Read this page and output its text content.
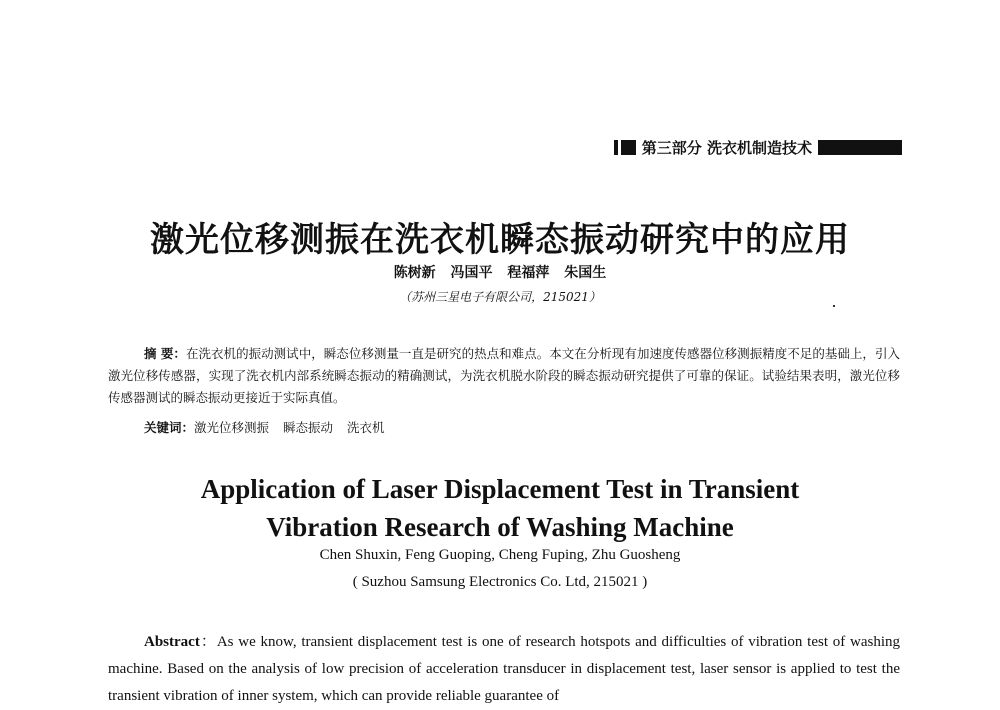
第三部分 洗衣机制造技术
激光位移测振在洗衣机瞬态振动研究中的应用
陈树新 冯国平 程福萍 朱国生
（苏州三星电子有限公司，215021）
摘 要：在洗衣机的振动测试中，瞬态位移测量一直是研究的热点和难点。本文在分析现有加速度传感器位移测振精度不足的基础上，引入激光位移传感器，实现了洗衣机内部系统瞬态振动的精确测试，为洗衣机脱水阶段的瞬态振动研究提供了可靠的保证。试验结果表明，激光位移传感器测试的瞬态振动更接近于实际真值。
关键词：激光位移测振 瞬态振动 洗衣机
Application of Laser Displacement Test in Transient
Vibration Research of Washing Machine
Chen Shuxin, Feng Guoping, Cheng Fuping, Zhu Guosheng
( Suzhou Samsung Electronics Co. Ltd, 215021 )
Abstract：As we know, transient displacement test is one of research hotspots and difficulties of vibration test of washing machine. Based on the analysis of low precision of acceleration transducer in displacement test, laser sensor is applied to test the transient vibration of inner system, which can provide reliable guarantee of
